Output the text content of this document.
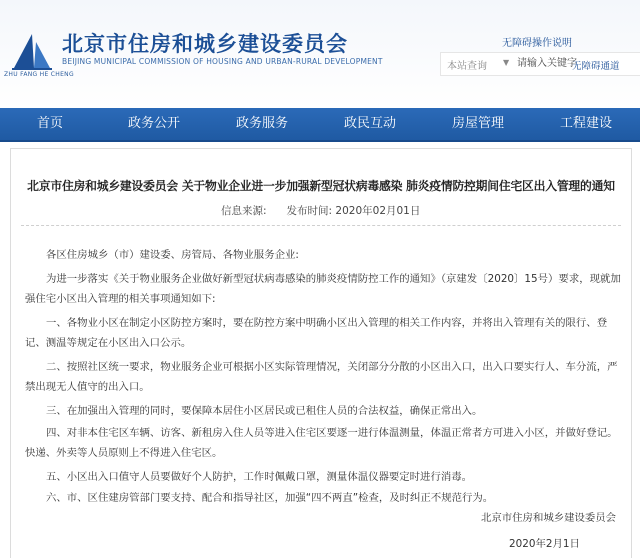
ZHU FANG HE CHENG
北京市住房和城乡建设委员会
BEIJING MUNICIPAL COMMISSION OF HOUSING AND URBAN-RURAL DEVELOPMENT
无障碍操作说明
本站查询 ▼
请输入关键字	无障碍通道
首页	政务公开	政务服务	政民互动	房屋管理	工程建设
北京市住房和城乡建设委员会 关于物业企业进一步加强新型冠状病毒感染 肺炎疫情防控期间住宅区出入管理的通知
信息来源: 发布时间: 2020年02月01日

各区住房城乡（市）建设委、房管局、各物业服务企业:

为进一步落实《关于物业服务企业做好新型冠状病毒感染的肺炎疫情防控工作的通知》（京建发〔2020〕15号）要求，现就加强住宅小区出入管理的相关事项通知如下:

一、各物业小区在制定小区防控方案时，要在防控方案中明确小区出入管理的相关工作内容，并将出入管理有关的限行、登记、测温等规定在小区出入口公示。

二、按照社区统一要求，物业服务企业可根据小区实际管理情况，关闭部分分散的小区出入口，出入口要实行人、车分流，严禁出现无人值守的出入口。

三、在加强出入管理的同时，要保障本居住小区居民或已租住人员的合法权益，确保正常出入。

四、对非本住宅区车辆、访客、新租房入住人员等进入住宅区要逐一进行体温测量，体温正常者方可进入小区，并做好登记。快递、外卖等人员原则上不得进入住宅区。

五、小区出入口值守人员要做好个人防护，工作时佩戴口罩，测量体温仪器要定时进行消毒。

六、市、区住建房管部门要支持、配合和指导社区，加强“四不两直”检查，及时纠正不规范行为。

北京市住房和城乡建设委员会
2020年2月1日
